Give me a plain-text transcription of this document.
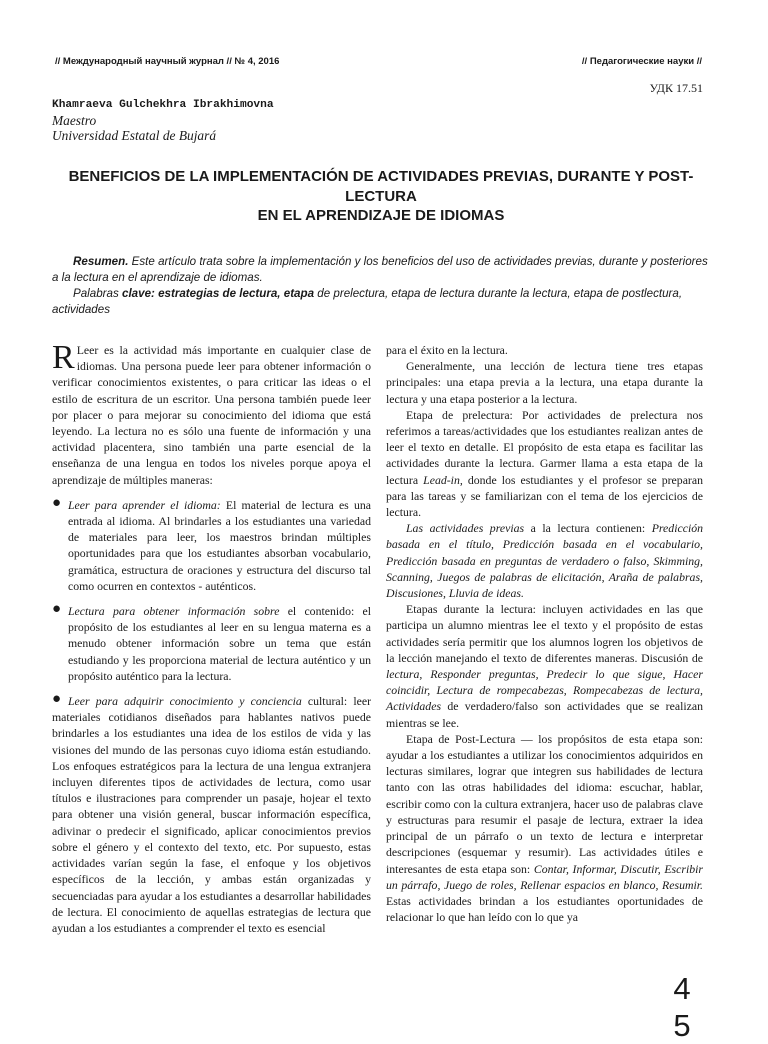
// Международный научный журнал // № 4, 2016	// Педагогические науки //
УДК 17.51
Khamraeva Gulchekhra Ibrakhimovna
Maestro
Universidad Estatal de Bujará
BENEFICIOS DE LA IMPLEMENTACIÓN DE ACTIVIDADES PREVIAS, DURANTE Y POST-LECTURA
EN EL APRENDIZAJE DE IDIOMAS

Resumen. Este artículo trata sobre la implementación y los beneficios del uso de actividades previas, durante y posteriores a la lectura en el aprendizaje de idiomas.

Palabras clave: estrategias de lectura, etapa de prelectura, etapa de lectura durante la lectura, etapa de postlectura, actividades

R Leer es la actividad más importante en cualquier clase de idiomas. Una persona puede leer para obtener información o verificar conocimientos existentes, o para criticar las ideas o el estilo de escritura de un escritor. Una persona también puede leer por placer o para mejorar su conocimiento del idioma que está leyendo. La lectura no es sólo una fuente de información y una actividad placentera, sino también una parte esencial de la enseñanza de una lengua en todos los niveles porque apoya el aprendizaje de múltiples maneras:

● Leer para aprender el idioma: El material de lectura es una entrada al idioma. Al brindarles a los estudiantes una variedad de materiales para leer, los maestros brindan múltiples oportunidades para que los estudiantes absorban vocabulario, gramática, estructura de oraciones y estructura del discurso tal como ocurren en contextos - auténticos.

● Lectura para obtener información sobre el contenido: el propósito de los estudiantes al leer en su lengua materna es a menudo obtener información sobre un tema que están estudiando y les proporciona material de lectura auténtico y un propósito auténtico para la lectura.

● Leer para adquirir conocimiento y conciencia cultural: leer materiales cotidianos diseñados para hablantes nativos puede brindarles a los estudiantes una idea de los estilos de vida y las visiones del mundo de las personas cuyo idioma están estudiando. Los enfoques estratégicos para la lectura de una lengua extranjera incluyen diferentes tipos de actividades de lectura, como usar títulos e ilustraciones para comprender un pasaje, hojear el texto para obtener una visión general, buscar información específica, adivinar o predecir el significado, aplicar conocimientos previos sobre el género y el contexto del texto, etc. Por supuesto, estas actividades varían según la fase, el enfoque y los objetivos específicos de la lección, y ambas están organizadas y secuenciadas para ayudar a los estudiantes a desarrollar habilidades de lectura. El conocimiento de aquellas estrategias de lectura que ayudan a los estudiantes a comprender el texto es esencial

para el éxito en la lectura.

Generalmente, una lección de lectura tiene tres etapas principales: una etapa previa a la lectura, una etapa durante la lectura y una etapa posterior a la lectura.

Etapa de prelectura: Por actividades de prelectura nos referimos a tareas/actividades que los estudiantes realizan antes de leer el texto en detalle. El propósito de esta etapa es facilitar las actividades durante la lectura. Garmer llama a esta etapa de la lectura Lead-in, donde los estudiantes y el profesor se preparan para las tareas y se familiarizan con el tema de los ejercicios de lectura.

Las actividades previas a la lectura contienen: Predicción basada en el título, Predicción basada en el vocabulario, Predicción basada en preguntas de verdadero o falso, Skimming, Scanning, Juegos de palabras de elicitación, Araña de palabras, Discusiones, Lluvia de ideas.

Etapas durante la lectura: incluyen actividades en las que participa un alumno mientras lee el texto y el propósito de estas actividades sería permitir que los alumnos logren los objetivos de la lección manejando el texto de diferentes maneras. Discusión de lectura, Responder preguntas, Predecir lo que sigue, Hacer coincidir, Lectura de rompecabezas, Rompecabezas de lectura, Actividades de verdadero/falso son actividades que se realizan mientras se lee.

Etapa de Post-Lectura — los propósitos de esta etapa son: ayudar a los estudiantes a utilizar los conocimientos adquiridos en lecturas similares, lograr que integren sus habilidades de lectura tanto con las otras habilidades del idioma: escuchar, hablar, escribir como con la cultura extranjera, hacer uso de palabras clave y estructuras para resumir el pasaje de lectura, extraer la idea principal de un párrafo o un texto de lectura e interpretar descripciones (esquemar y resumir). Las actividades útiles e interesantes de esta etapa son: Contar, Informar, Discutir, Escribir un párrafo, Juego de roles, Rellenar espacios en blanco, Resumir. Estas actividades brindan a los estudiantes oportunidades de relacionar lo que han leído con lo que ya

4
5
